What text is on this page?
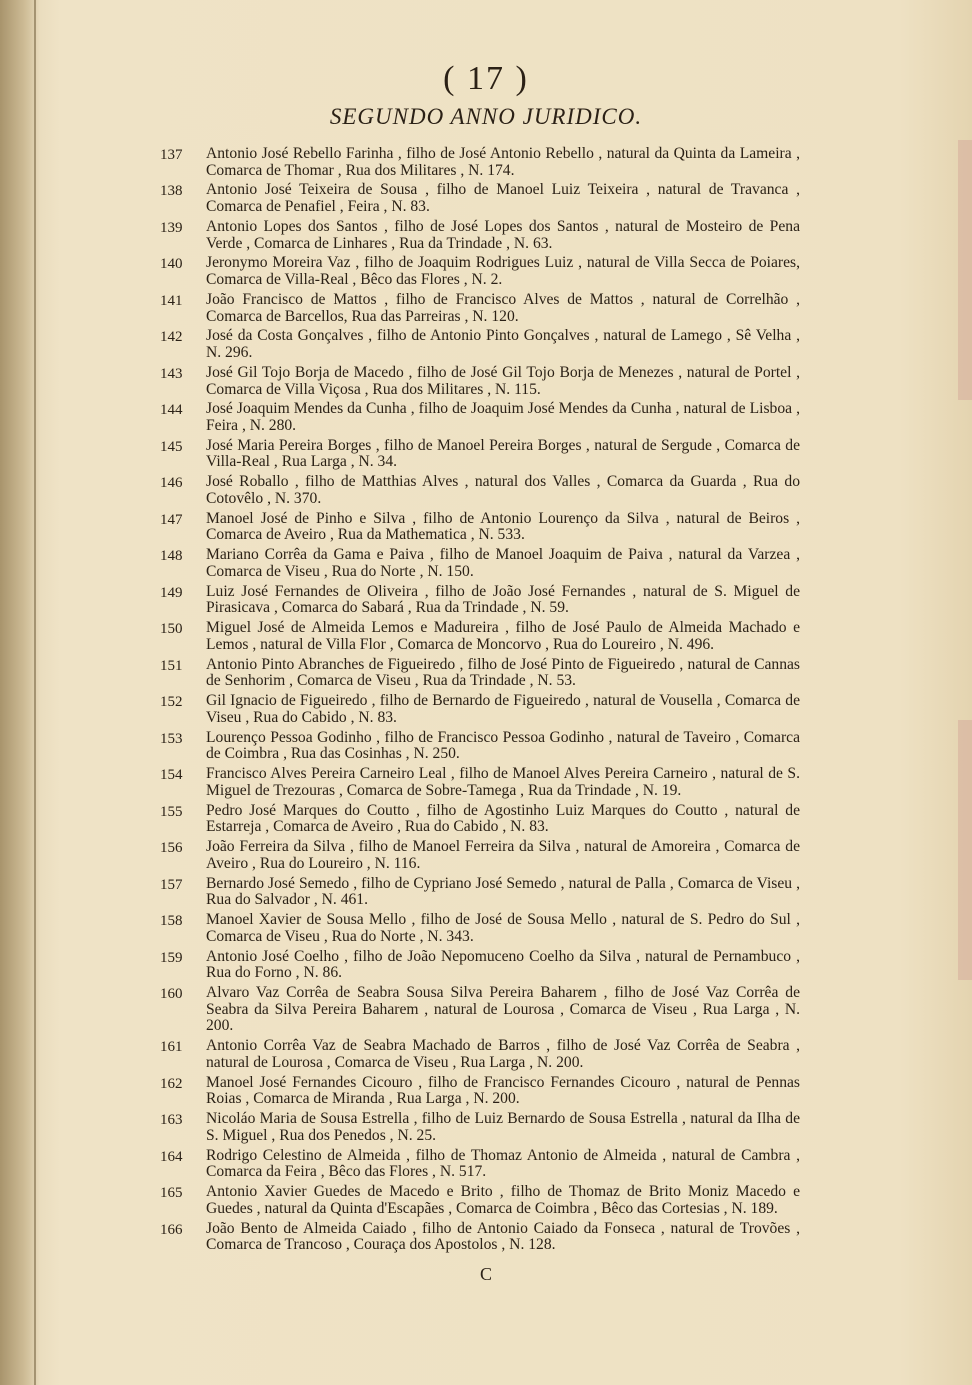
( 17 )
SEGUNDO ANNO JURIDICO.
137	Antonio José Rebello Farinha , filho de José Antonio Rebello , natural da Quinta da Lameira , Comarca de Thomar , Rua dos Militares , N. 174.
138	Antonio José Teixeira de Sousa , filho de Manoel Luiz Teixeira , natural de Travanca , Comarca de Penafiel , Feira , N. 83.
139	Antonio Lopes dos Santos , filho de José Lopes dos Santos , natural de Mosteiro de Pena Verde , Comarca de Linhares , Rua da Trindade , N. 63.
140	Jeronymo Moreira Vaz , filho de Joaquim Rodrigues Luiz , natural de Villa Secca de Poiares, Comarca de Villa-Real , Bêco das Flores , N. 2.
141	João Francisco de Mattos , filho de Francisco Alves de Mattos , natural de Correlhão , Comarca de Barcellos, Rua das Parreiras , N. 120.
142	José da Costa Gonçalves , filho de Antonio Pinto Gonçalves , natural de Lamego , Sê Velha , N. 296.
143	José Gil Tojo Borja de Macedo , filho de José Gil Tojo Borja de Menezes , natural de Portel , Comarca de Villa Viçosa , Rua dos Militares , N. 115.
144	José Joaquim Mendes da Cunha , filho de Joaquim José Mendes da Cunha , natural de Lisboa , Feira , N. 280.
145	José Maria Pereira Borges , filho de Manoel Pereira Borges , natural de Sergude , Comarca de Villa-Real , Rua Larga , N. 34.
146	José Roballo , filho de Matthias Alves , natural dos Valles , Comarca da Guarda , Rua do Cotovêlo , N. 370.
147	Manoel José de Pinho e Silva , filho de Antonio Lourenço da Silva , natural de Beiros , Comarca de Aveiro , Rua da Mathematica , N. 533.
148	Mariano Corrêa da Gama e Paiva , filho de Manoel Joaquim de Paiva , natural da Varzea , Comarca de Viseu , Rua do Norte , N. 150.
149	Luiz José Fernandes de Oliveira , filho de João José Fernandes , natural de S. Miguel de Pirasicava , Comarca do Sabará , Rua da Trindade , N. 59.
150	Miguel José de Almeida Lemos e Madureira , filho de José Paulo de Almeida Machado e Lemos , natural de Villa Flor , Comarca de Moncorvo , Rua do Loureiro , N. 496.
151	Antonio Pinto Abranches de Figueiredo , filho de José Pinto de Figueiredo , natural de Cannas de Senhorim , Comarca de Viseu , Rua da Trindade , N. 53.
152	Gil Ignacio de Figueiredo , filho de Bernardo de Figueiredo , natural de Vousella , Comarca de Viseu , Rua do Cabido , N. 83.
153	Lourenço Pessoa Godinho , filho de Francisco Pessoa Godinho , natural de Taveiro , Comarca de Coimbra , Rua das Cosinhas , N. 250.
154	Francisco Alves Pereira Carneiro Leal , filho de Manoel Alves Pereira Carneiro , natural de S. Miguel de Trezouras , Comarca de Sobre-Tamega , Rua da Trindade , N. 19.
155	Pedro José Marques do Coutto , filho de Agostinho Luiz Marques do Coutto , natural de Estarreja , Comarca de Aveiro , Rua do Cabido , N. 83.
156	João Ferreira da Silva , filho de Manoel Ferreira da Silva , natural de Amoreira , Comarca de Aveiro , Rua do Loureiro , N. 116.
157	Bernardo José Semedo , filho de Cypriano José Semedo , natural de Palla , Comarca de Viseu , Rua do Salvador , N. 461.
158	Manoel Xavier de Sousa Mello , filho de José de Sousa Mello , natural de S. Pedro do Sul , Comarca de Viseu , Rua do Norte , N. 343.
159	Antonio José Coelho , filho de João Nepomuceno Coelho da Silva , natural de Pernambuco , Rua do Forno , N. 86.
160	Alvaro Vaz Corrêa de Seabra Sousa Silva Pereira Baharem , filho de José Vaz Corrêa de Seabra da Silva Pereira Baharem , natural de Lourosa , Comarca de Viseu , Rua Larga , N. 200.
161	Antonio Corrêa Vaz de Seabra Machado de Barros , filho de José Vaz Corrêa de Seabra , natural de Lourosa , Comarca de Viseu , Rua Larga , N. 200.
162	Manoel José Fernandes Cicouro , filho de Francisco Fernandes Cicouro , natural de Pennas Roias , Comarca de Miranda , Rua Larga , N. 200.
163	Nicoláo Maria de Sousa Estrella , filho de Luiz Bernardo de Sousa Estrella , natural da Ilha de S. Miguel , Rua dos Penedos , N. 25.
164	Rodrigo Celestino de Almeida , filho de Thomaz Antonio de Almeida , natural de Cambra , Comarca da Feira , Bêco das Flores , N. 517.
165	Antonio Xavier Guedes de Macedo e Brito , filho de Thomaz de Brito Moniz Macedo e Guedes , natural da Quinta d'Escapães , Comarca de Coimbra , Bêco das Cortesias , N. 189.
166	João Bento de Almeida Caiado , filho de Antonio Caiado da Fonseca , natural de Trovões , Comarca de Trancoso , Couraça dos Apostolos , N. 128.
C
